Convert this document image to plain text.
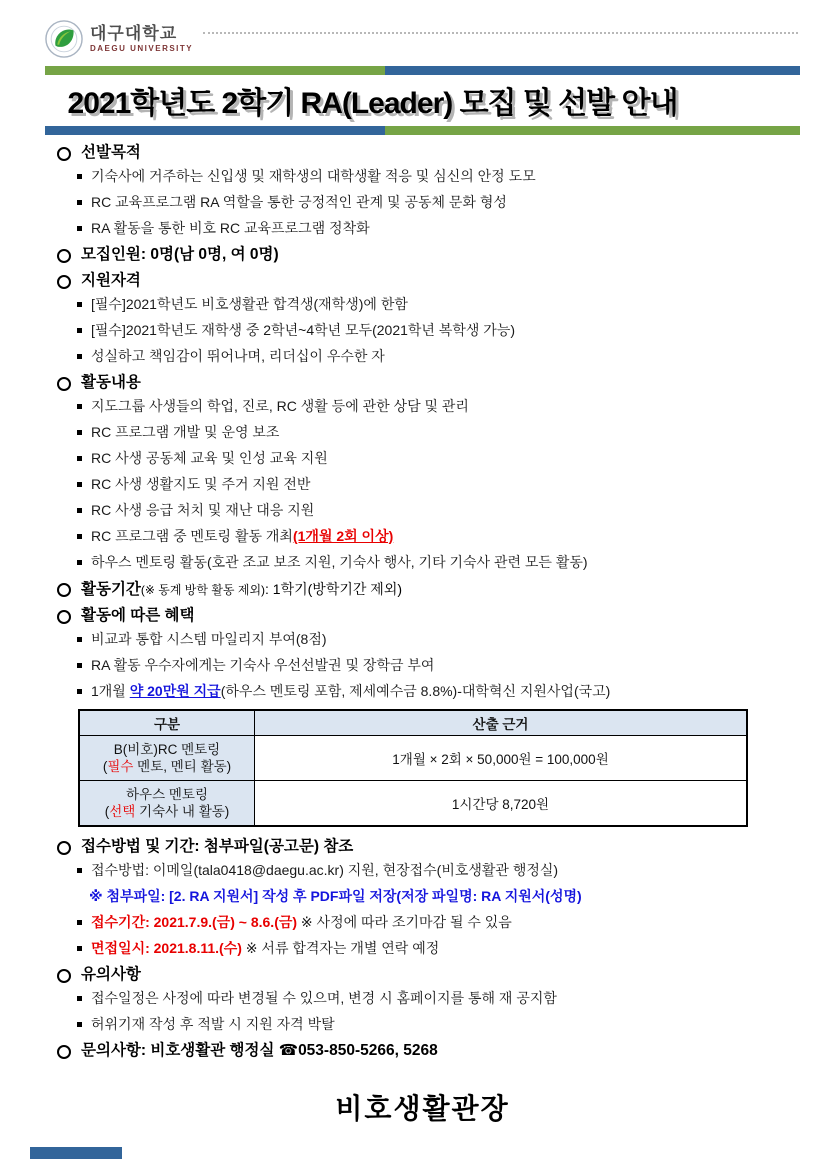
대구대학교
DAEGU UNIVERSITY
2021학년도 2학기 RA(Leader) 모집 및 선발 안내
선발목적
기숙사에 거주하는 신입생 및 재학생의 대학생활 적응 및 심신의 안정 도모
RC 교육프로그램 RA 역할을 통한 긍정적인 관계 및 공동체 문화 형성
RA 활동을 통한 비호 RC 교육프로그램 정착화
모집인원: 0명(남 0명, 여 0명)
지원자격
[필수]2021학년도 비호생활관 합격생(재학생)에 한함
[필수]2021학년도 재학생 중 2학년~4학년 모두(2021학년 복학생 가능)
성실하고 책임감이 뛰어나며, 리더십이 우수한 자
활동내용
지도그룹 사생들의 학업, 진로, RC 생활 등에 관한 상담 및 관리
RC 프로그램 개발 및 운영 보조
RC 사생 공동체 교육 및 인성 교육 지원
RC 사생 생활지도 및 주거 지원 전반
RC 사생 응급 처치 및 재난 대응 지원
RC 프로그램 중 멘토링 활동 개최(1개월 2회 이상)
하우스 멘토링 활동(호관 조교 보조 지원, 기숙사 행사, 기타 기숙사 관련 모든 활동)
활동기간(※ 동계 방학 활동 제외): 1학기(방학기간 제외)
활동에 따른 혜택
비교과 통합 시스템 마일리지 부여(8점)
RA 활동 우수자에게는 기숙사 우선선발권 및 장학금 부여
1개월 약 20만원 지급(하우스 멘토링 포함, 제세예수금 8.8%)-대학혁신 지원사업(국고)
구분	산출 근거
B(비호)RC 멘토링
(필수 멘토, 멘티 활동)	1개월 × 2회 × 50,000원 = 100,000원
하우스 멘토링
(선택 기숙사 내 활동)	1시간당 8,720원
접수방법 및 기간: 첨부파일(공고문) 참조
접수방법: 이메일(tala0418@daegu.ac.kr) 지원, 현장접수(비호생활관 행정실)
※ 첨부파일: [2. RA 지원서] 작성 후 PDF파일 저장(저장 파일명: RA 지원서(성명)
접수기간: 2021.7.9.(금) ~ 8.6.(금) ※ 사정에 따라 조기마감 될 수 있음
면접일시: 2021.8.11.(수) ※ 서류 합격자는 개별 연락 예정
유의사항
접수일정은 사정에 따라 변경될 수 있으며, 변경 시 홈페이지를 통해 재 공지함
허위기재 작성 후 적발 시 지원 자격 박탈
문의사항: 비호생활관 행정실 ☎053-850-5266, 5268
비호생활관장
